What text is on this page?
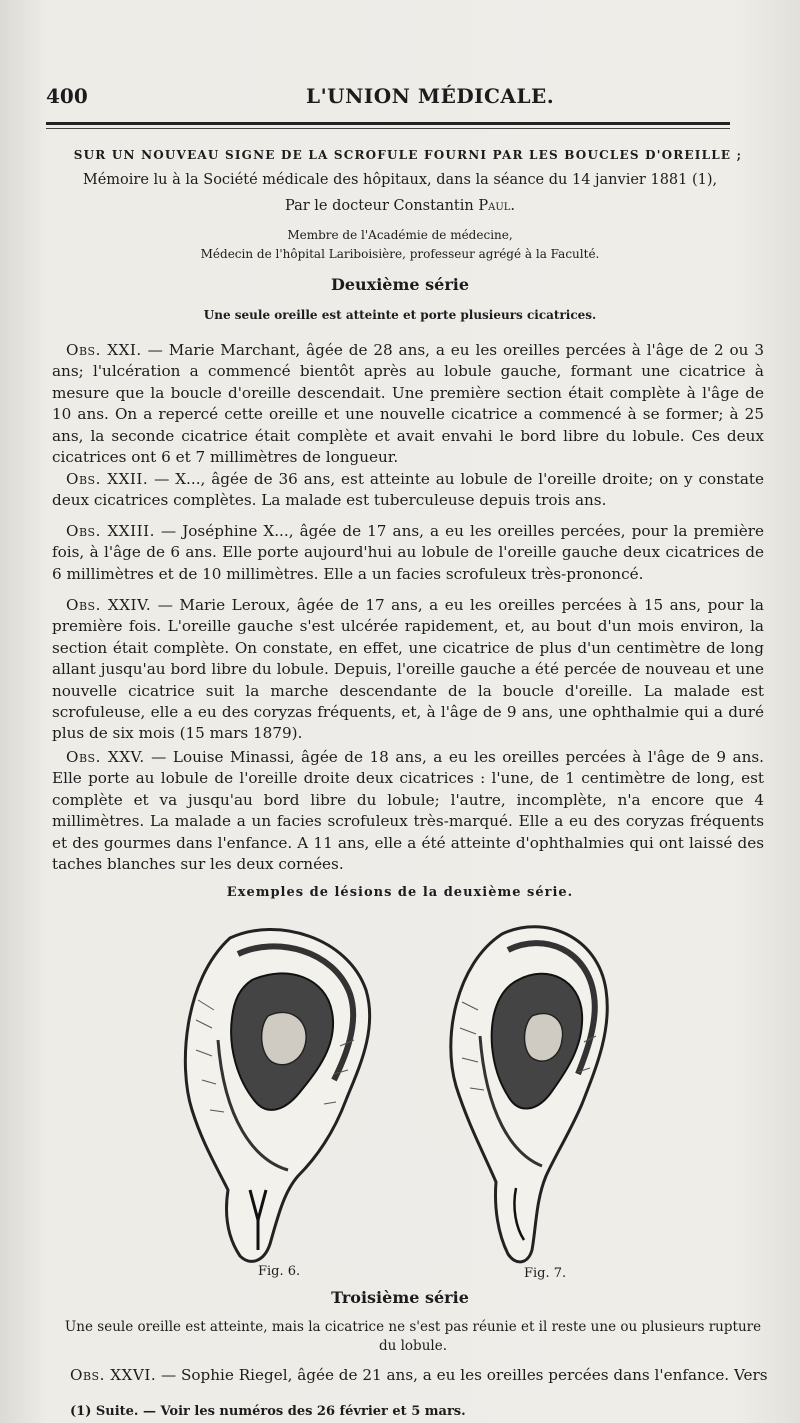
400	L'UNION MÉDICALE.
SUR UN NOUVEAU SIGNE DE LA SCROFULE FOURNI PAR LES BOUCLES D'OREILLE ;
Mémoire lu à la Société médicale des hôpitaux, dans la séance du 14 janvier 1881 (1),
Par le docteur Constantin Paul.
Membre de l'Académie de médecine,
Médecin de l'hôpital Lariboisière, professeur agrégé à la Faculté.
Deuxième série
Une seule oreille est atteinte et porte plusieurs cicatrices.

Obs. XXI. — Marie Marchant, âgée de 28 ans, a eu les oreilles percées à l'âge de 2 ou 3 ans; l'ulcération a commencé bientôt après au lobule gauche, formant une cicatrice à mesure que la boucle d'oreille descendait. Une première section était complète à l'âge de 10 ans. On a repercé cette oreille et une nouvelle cicatrice a commencé à se former; à 25 ans, la seconde cicatrice était complète et avait envahi le bord libre du lobule. Ces deux cicatrices ont 6 et 7 millimètres de longueur.

Obs. XXII. — X..., âgée de 36 ans, est atteinte au lobule de l'oreille droite; on y constate deux cicatrices complètes. La malade est tuberculeuse depuis trois ans.

Obs. XXIII. — Joséphine X..., âgée de 17 ans, a eu les oreilles percées, pour la première fois, à l'âge de 6 ans. Elle porte aujourd'hui au lobule de l'oreille gauche deux cicatrices de 6 millimètres et de 10 millimètres. Elle a un facies scrofuleux très-prononcé.

Obs. XXIV. — Marie Leroux, âgée de 17 ans, a eu les oreilles percées à 15 ans, pour la première fois. L'oreille gauche s'est ulcérée rapidement, et, au bout d'un mois environ, la section était complète. On constate, en effet, une cicatrice de plus d'un centimètre de long allant jusqu'au bord libre du lobule. Depuis, l'oreille gauche a été percée de nouveau et une nouvelle cicatrice suit la marche descendante de la boucle d'oreille. La malade est scrofuleuse, elle a eu des coryzas fréquents, et, à l'âge de 9 ans, une ophthalmie qui a duré plus de six mois (15 mars 1879).

Obs. XXV. — Louise Minassi, âgée de 18 ans, a eu les oreilles percées à l'âge de 9 ans. Elle porte au lobule de l'oreille droite deux cicatrices : l'une, de 1 centimètre de long, est complète et va jusqu'au bord libre du lobule; l'autre, incomplète, n'a encore que 4 millimètres. La malade a un facies scrofuleux très-marqué. Elle a eu des coryzas fréquents et des gourmes dans l'enfance. A 11 ans, elle a été atteinte d'ophthalmies qui ont laissé des taches blanches sur les deux cornées.

Exemples de lésions de la deuxième série.
Fig. 6.	Fig. 7.
Troisième série
Une seule oreille est atteinte, mais la cicatrice ne s'est pas réunie et il reste une ou plusieurs rupture du lobule.

Obs. XXVI. — Sophie Riegel, âgée de 21 ans, a eu les oreilles percées dans l'enfance. Vers

(1) Suite. — Voir les numéros des 26 février et 5 mars.
